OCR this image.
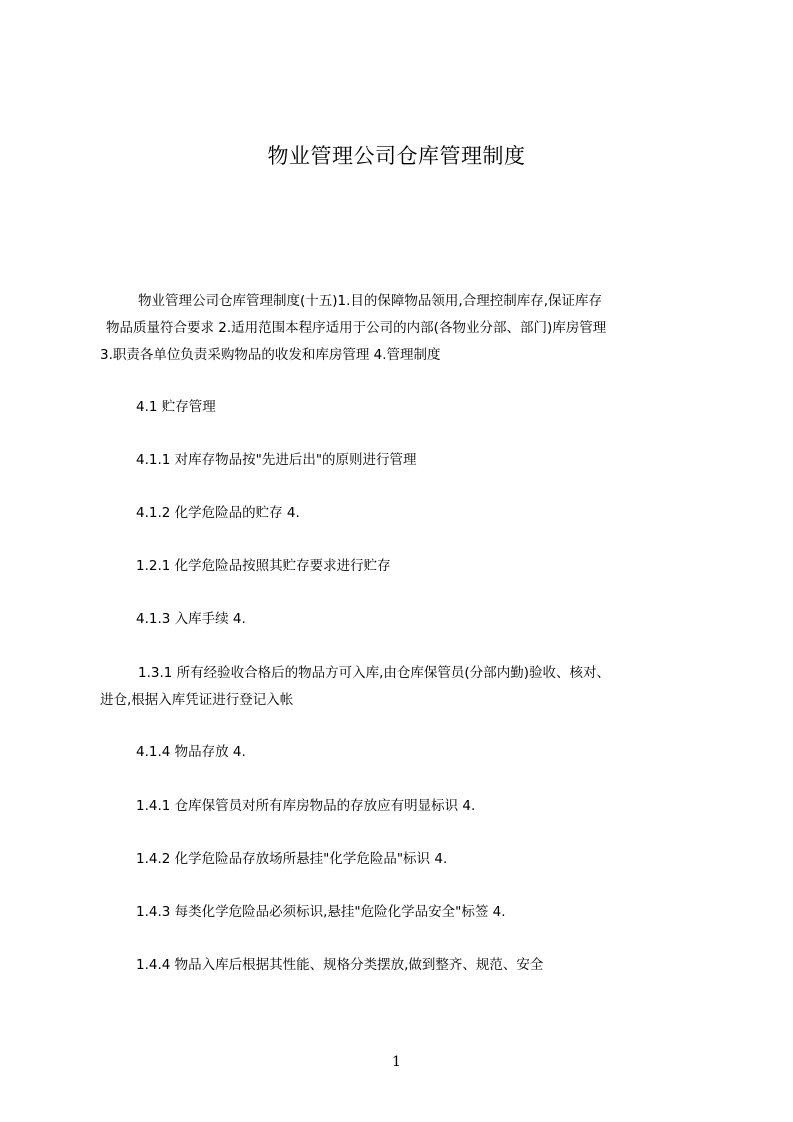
物业管理公司仓库管理制度
物业管理公司仓库管理制度(十五)1.目的保障物品领用,合理控制库存,保证库存
物品质量符合要求 2.适用范围本程序适用于公司的内部(各物业分部、部门)库房管理
3.职责各单位负责采购物品的收发和库房管理 4.管理制度

4.1 贮存管理

4.1.1 对库存物品按"先进后出"的原则进行管理

4.1.2 化学危险品的贮存 4.

1.2.1 化学危险品按照其贮存要求进行贮存

4.1.3 入库手续 4.

1.3.1 所有经验收合格后的物品方可入库,由仓库保管员(分部内勤)验收、核对、
进仓,根据入库凭证进行登记入帐

4.1.4 物品存放 4.

1.4.1 仓库保管员对所有库房物品的存放应有明显标识 4.

1.4.2 化学危险品存放场所悬挂"化学危险品"标识 4.

1.4.3 每类化学危险品必须标识,悬挂"危险化学品安全"标签 4.

1.4.4 物品入库后根据其性能、规格分类摆放,做到整齐、规范、安全

1
